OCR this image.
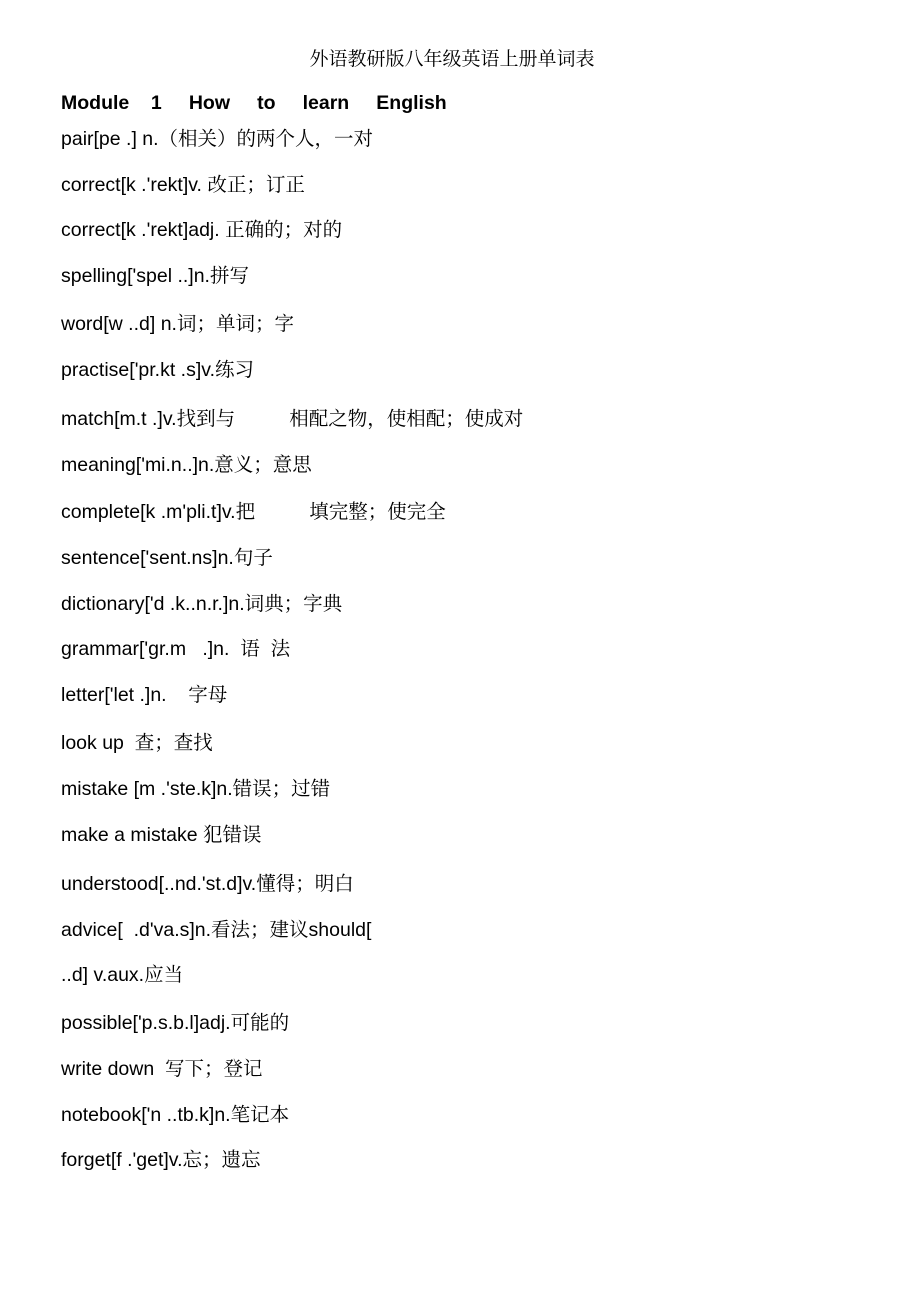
外语教研版八年级英语上册单词表
Module    1     How     to     learn     English
pair[pe .] n.（相关）的两个人，一对
correct[k .'rekt]v. 改正；订正
correct[k .'rekt]adj. 正确的；对的
spelling['spel ..]n.拼写
word[w ..d] n.词；单词；字
practise['pr.kt .s]v.练习
match[m.t .]v.找到与          相配之物，使相配；使成对
meaning['mi.n..]n.意义；意思
complete[k .m'pli.t]v.把          填完整；使完全
sentence['sent.ns]n.句子
dictionary['d .k..n.r.]n.词典；字典
grammar['gr.m   .]n.  语  法
letter['let .]n.    字母
look up  查；查找
mistake [m .'ste.k]n.错误；过错
make a mistake 犯错误
understood[..nd.'st.d]v.懂得；明白
advice[  .d'va.s]n.看法；建议should[
..d] v.aux.应当
possible['p.s.b.l]adj.可能的
write down  写下；登记
notebook['n ..tb.k]n.笔记本
forget[f .'get]v.忘；遗忘
